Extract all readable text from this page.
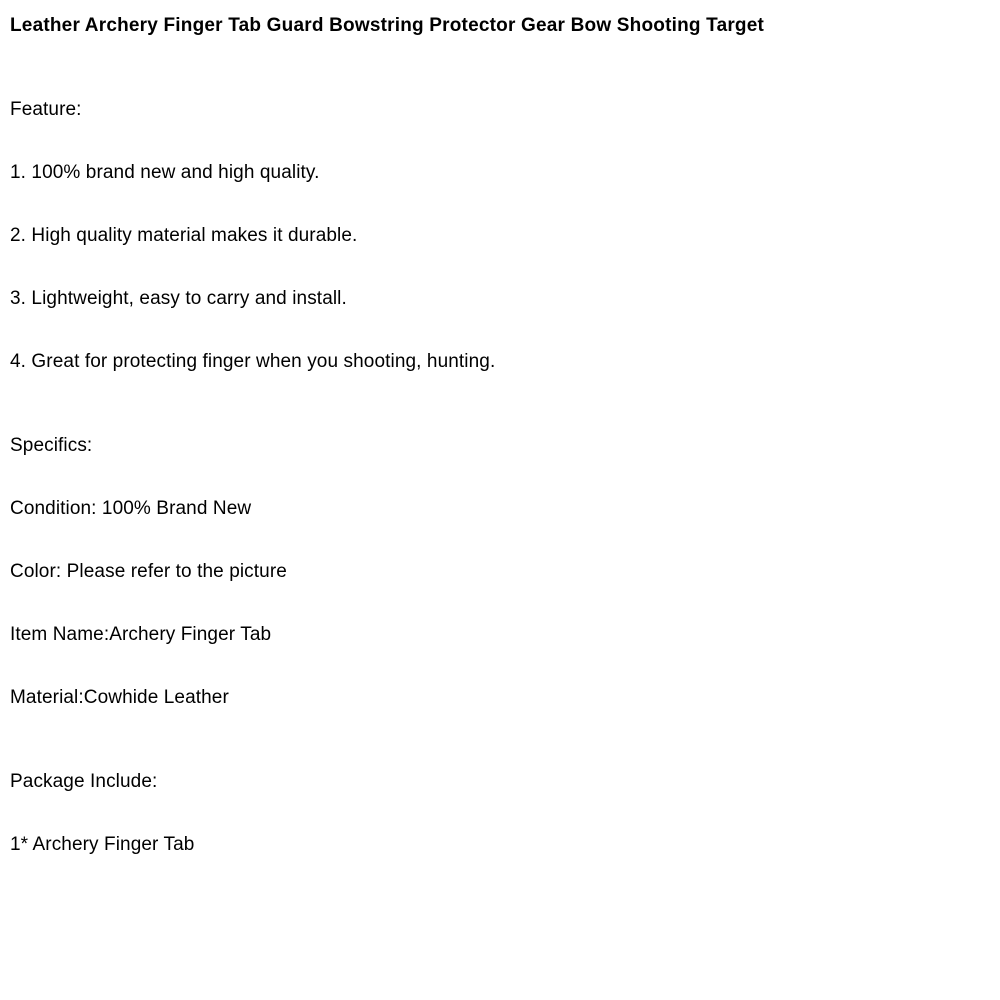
Leather Archery Finger Tab Guard Bowstring Protector Gear Bow Shooting Target

Feature:

1. 100% brand new and high quality.

2. High quality material makes it durable.

3. Lightweight, easy to carry and install.

4. Great for protecting finger when you shooting, hunting.

Specifics:

Condition: 100% Brand New

Color: Please refer to the picture

Item Name:Archery Finger Tab

Material:Cowhide Leather

Package Include:

1* Archery Finger Tab
